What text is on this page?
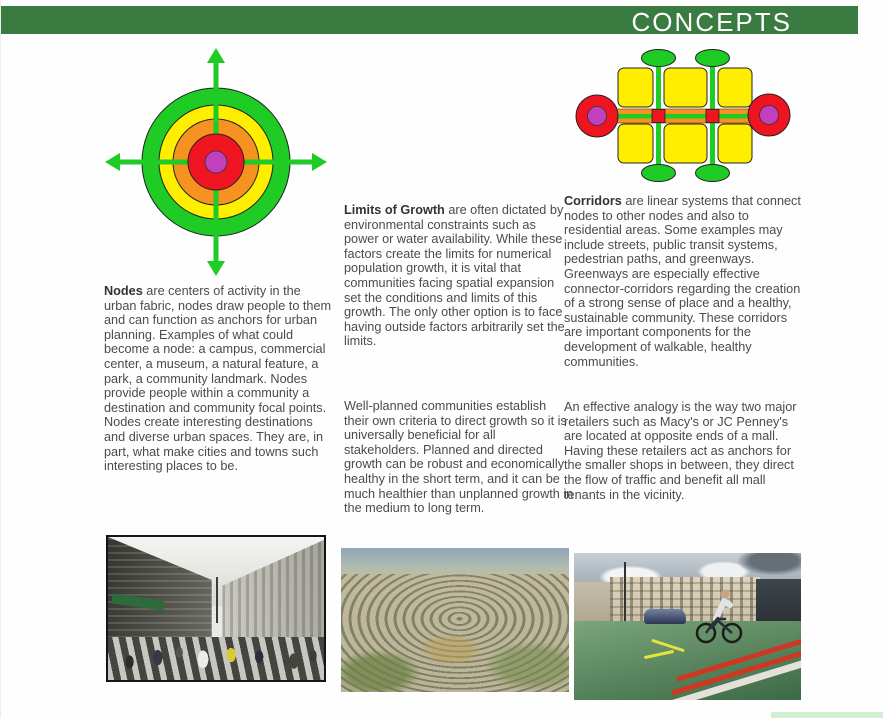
CONCEPTS

Nodes are centers of activity in the urban fabric, nodes draw people to them and can function as anchors for urban planning. Examples of what could become a node: a campus, commercial center, a museum, a natural feature, a park, a community landmark. Nodes provide people within a community a destination and community focal points. Nodes create interesting destinations and diverse urban spaces. They are, in part, what make cities and towns such interesting places to be.

Limits of Growth are often dictated by environmental constraints such as power or water availability. While these factors create the limits for numerical population growth, it is vital that communities facing spatial expansion set the conditions and limits of this growth. The only other option is to face having outside factors arbitrarily set the limits.

Well-planned communities establish their own criteria to direct growth so it is universally beneficial for all stakeholders. Planned and directed growth can be robust and economically healthy in the short term, and it can be much healthier than unplanned growth in the medium to long term.

Corridors are linear systems that connect nodes to other nodes and also to residential areas. Some examples may include streets, public transit systems, pedestrian paths, and greenways. Greenways are especially effective connector-corridors regarding the creation of a strong sense of place and a healthy, sustainable community. These corridors are important components for the development of walkable, healthy communities.

An effective analogy is the way two major retailers such as Macy's or JC Penney's are located at opposite ends of a mall. Having these retailers act as anchors for the smaller shops in between, they direct the flow of traffic and benefit all mall tenants in the vicinity.
